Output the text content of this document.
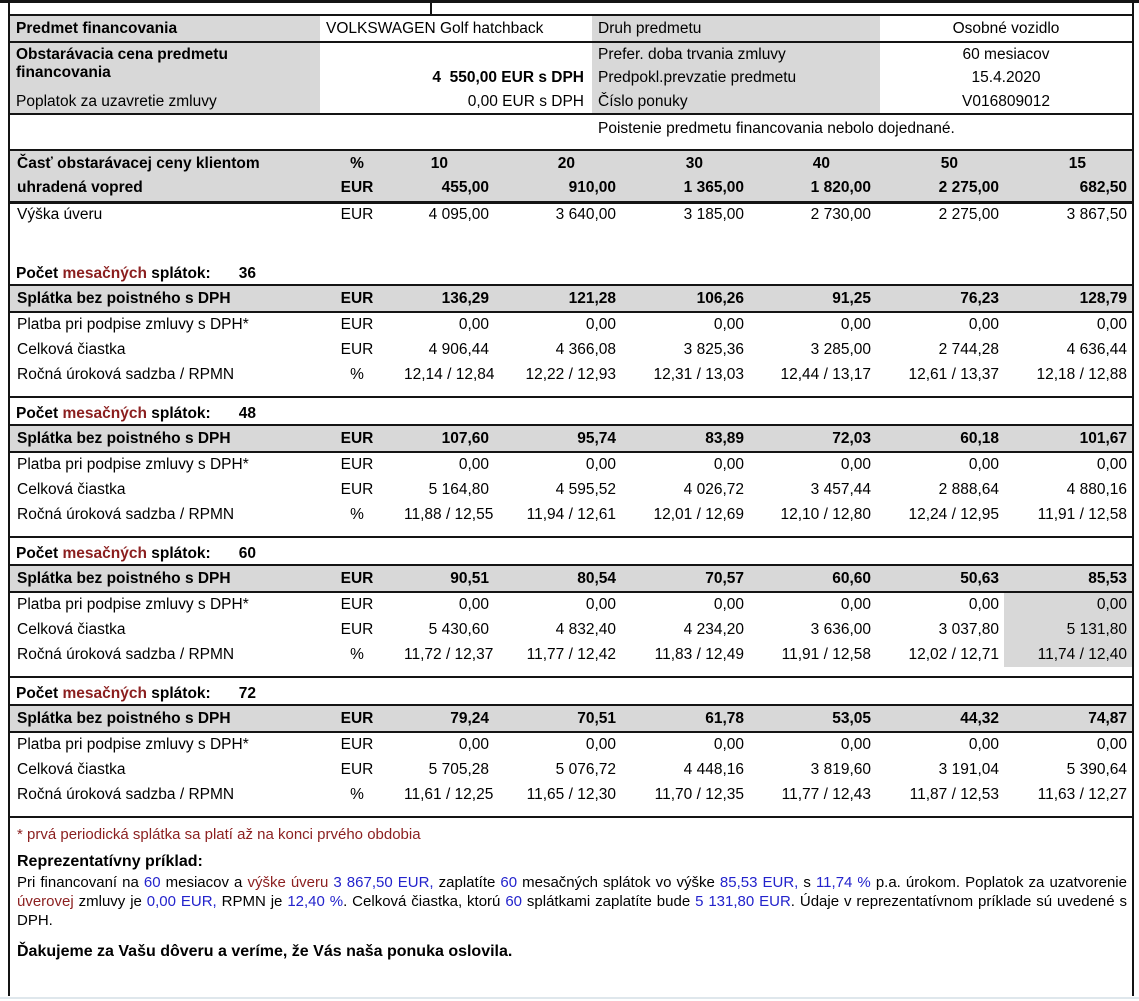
Predmet financovania	VOLKSWAGEN Golf hatchback	Druh predmetu	Osobné vozidlo
Obstarávacia cena predmetu financovania	4  550,00 EUR s DPH	Prefer. doba trvania zmluvy	60 mesiacov
		Predpokl.prevzatie predmetu	15.4.2020
Poplatok za uzavretie zmluvy	0,00 EUR s DPH	Číslo ponuky	V016809012
		Poistenie predmetu financovania nebolo dojednané.	
Časť obstarávacej ceny klientom	%	10	20	30	40	50	15
uhradená vopred	EUR	455,00	910,00	1 365,00	1 820,00	2 275,00	682,50
Výška úveru	EUR	4 095,00	3 640,00	3 185,00	2 730,00	2 275,00	3 867,50

Počet mesačných splátok: 36							
Splátka bez poistného s DPH	EUR	136,29	121,28	106,26	91,25	76,23	128,79
Platba pri podpise zmluvy s DPH*	EUR	0,00	0,00	0,00	0,00	0,00	0,00
Celková čiastka	EUR	4 906,44	4 366,08	3 825,36	3 285,00	2 744,28	4 636,44
Ročná úroková sadzba / RPMN	%	12,14 / 12,84	12,22 / 12,93	12,31 / 13,03	12,44 / 13,17	12,61 / 13,37	12,18 / 12,88

Počet mesačných splátok: 48							
Splátka bez poistného s DPH	EUR	107,60	95,74	83,89	72,03	60,18	101,67
Platba pri podpise zmluvy s DPH*	EUR	0,00	0,00	0,00	0,00	0,00	0,00
Celková čiastka	EUR	5 164,80	4 595,52	4 026,72	3 457,44	2 888,64	4 880,16
Ročná úroková sadzba / RPMN	%	11,88 / 12,55	11,94 / 12,61	12,01 / 12,69	12,10 / 12,80	12,24 / 12,95	11,91 / 12,58

Počet mesačných splátok: 60							
Splátka bez poistného s DPH	EUR	90,51	80,54	70,57	60,60	50,63	85,53
Platba pri podpise zmluvy s DPH*	EUR	0,00	0,00	0,00	0,00	0,00	0,00
Celková čiastka	EUR	5 430,60	4 832,40	4 234,20	3 636,00	3 037,80	5 131,80
Ročná úroková sadzba / RPMN	%	11,72 / 12,37	11,77 / 12,42	11,83 / 12,49	11,91 / 12,58	12,02 / 12,71	11,74 / 12,40

Počet mesačných splátok: 72							
Splátka bez poistného s DPH	EUR	79,24	70,51	61,78	53,05	44,32	74,87
Platba pri podpise zmluvy s DPH*	EUR	0,00	0,00	0,00	0,00	0,00	0,00
Celková čiastka	EUR	5 705,28	5 076,72	4 448,16	3 819,60	3 191,04	5 390,64
Ročná úroková sadzba / RPMN	%	11,61 / 12,25	11,65 / 12,30	11,70 / 12,35	11,77 / 12,43	11,87 / 12,53	11,63 / 12,27

* prvá periodická splátka sa platí až na konci prvého obdobia
Reprezentatívny príklad:

Pri financovaní na 60 mesiacov a výške úveru 3 867,50 EUR, zaplatíte 60 mesačných splátok vo výške 85,53 EUR, s 11,74 % p.a. úrokom. Poplatok za uzatvorenie úverovej zmluvy je 0,00 EUR, RPMN je 12,40 %. Celková čiastka, ktorú 60 splátkami zaplatíte bude 5 131,80 EUR. Údaje v reprezentatívnom príklade sú uvedené s DPH.

Ďakujeme za Vašu dôveru a veríme, že Vás naša ponuka oslovila.
